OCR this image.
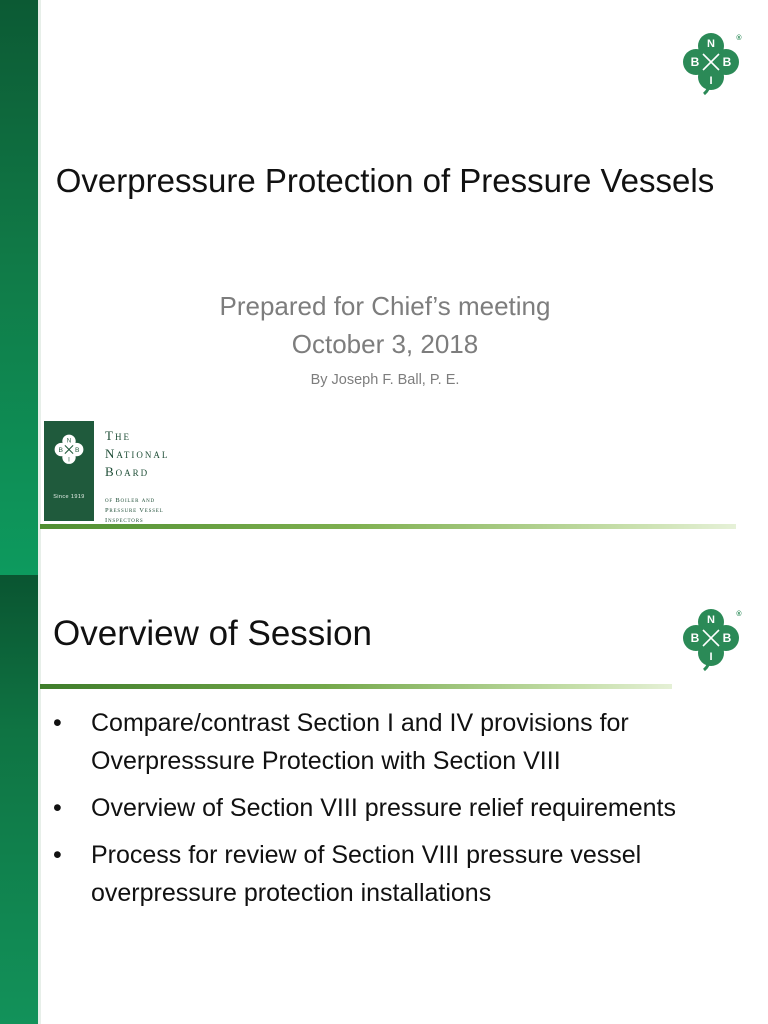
N
B B
I
®
Overpressure Protection of Pressure Vessels
Prepared for Chief’s meeting
October 3, 2018
By Joseph F. Ball, P. E.
N
B B
I
Since 1919
The
National
Board
of Boiler and
Pressure Vessel
Inspectors
Overview of Session	N
B B
I
®
• Compare/contrast Section I and IV provisions for Overpresssure Protection with Section VIII
• Overview of Section VIII pressure relief requirements
• Process for review of Section VIII pressure vessel overpressure protection installations
